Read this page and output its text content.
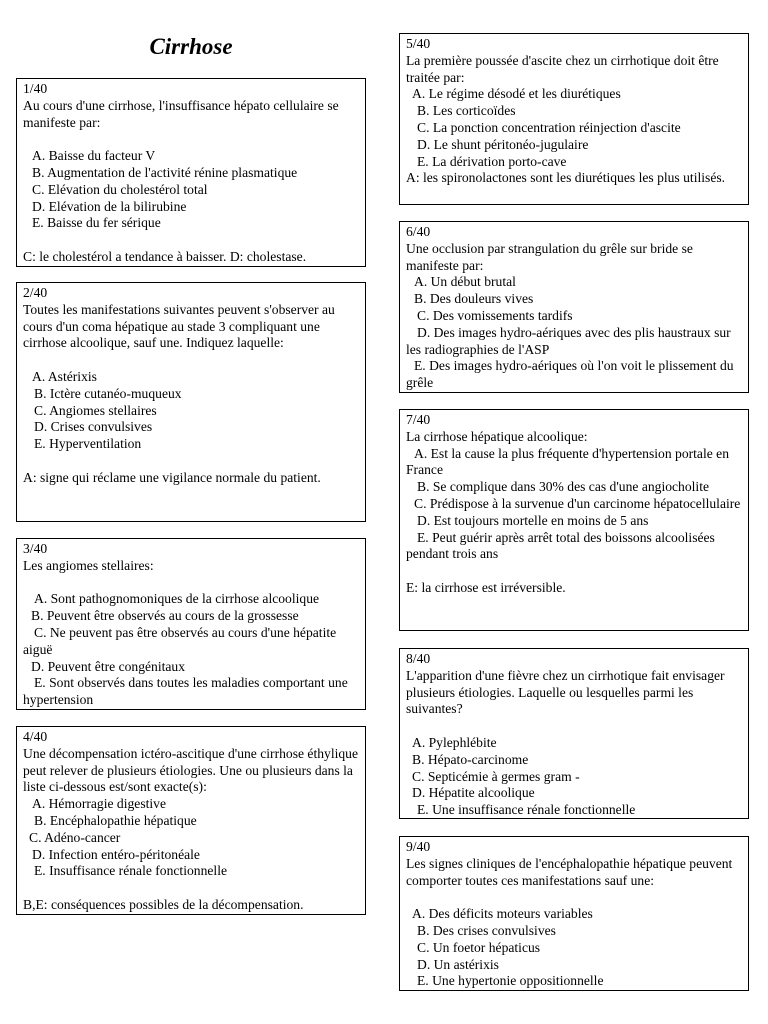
Cirrhose
1/40
Au cours d'une cirrhose, l'insuffisance hépato cellulaire se manifeste par:
A. Baisse du facteur V
B. Augmentation de l'activité rénine plasmatique
C. Elévation du cholestérol total
D. Elévation de la bilirubine
E. Baisse du fer sérique
C: le cholestérol a tendance à baisser. D: cholestase.
2/40
Toutes les manifestations suivantes peuvent s'observer au cours d'un coma hépatique au stade 3 compliquant une cirrhose alcoolique, sauf une. Indiquez laquelle:
A. Astérixis
B. Ictère cutanéo-muqueux
C. Angiomes stellaires
D. Crises convulsives
E. Hyperventilation
A: signe qui réclame une vigilance normale du patient.
3/40
Les angiomes stellaires:
A. Sont pathognomoniques de la cirrhose alcoolique
B. Peuvent être observés au cours de la grossesse
C. Ne peuvent pas être observés au cours d'une hépatite aiguë
D. Peuvent être congénitaux
E. Sont observés dans toutes les maladies comportant une hypertension
4/40
Une décompensation ictéro-ascitique d'une cirrhose éthylique peut relever de plusieurs étiologies. Une ou plusieurs dans la liste ci-dessous est/sont exacte(s):
A. Hémorragie digestive
B. Encéphalopathie hépatique
C. Adéno-cancer
D. Infection entéro-péritonéale
E. Insuffisance rénale fonctionnelle
B,E: conséquences possibles de la décompensation.
5/40
La première poussée d'ascite chez un cirrhotique doit être traitée par:
A. Le régime désodé et les diurétiques
B. Les corticoïdes
C. La ponction concentration réinjection d'ascite
D. Le shunt péritonéo-jugulaire
E. La dérivation porto-cave
A: les spironolactones sont les diurétiques les plus utilisés.
6/40
Une occlusion par strangulation du grêle sur bride se manifeste par:
A. Un début brutal
B. Des douleurs vives
C. Des vomissements tardifs
D. Des images hydro-aériques avec des plis haustraux sur les radiographies de l'ASP
E. Des images hydro-aériques où l'on voit le plissement du grêle
7/40
La cirrhose hépatique alcoolique:
A. Est la cause la plus fréquente d'hypertension portale en France
B. Se complique dans 30% des cas d'une angiocholite
C. Prédispose à la survenue d'un carcinome hépatocellulaire
D. Est toujours mortelle en moins de 5 ans
E. Peut guérir après arrêt total des boissons alcoolisées pendant trois ans
E: la cirrhose est irréversible.
8/40
L'apparition d'une fièvre chez un cirrhotique fait envisager plusieurs étiologies. Laquelle ou lesquelles parmi les suivantes?
A. Pylephlébite
B. Hépato-carcinome
C. Septicémie à germes gram -
D. Hépatite alcoolique
E. Une insuffisance rénale fonctionnelle
9/40
Les signes cliniques de l'encéphalopathie hépatique peuvent comporter toutes ces manifestations sauf une:
A. Des déficits moteurs variables
B. Des crises convulsives
C. Un foetor hépaticus
D. Un astérixis
E. Une hypertonie oppositionnelle
